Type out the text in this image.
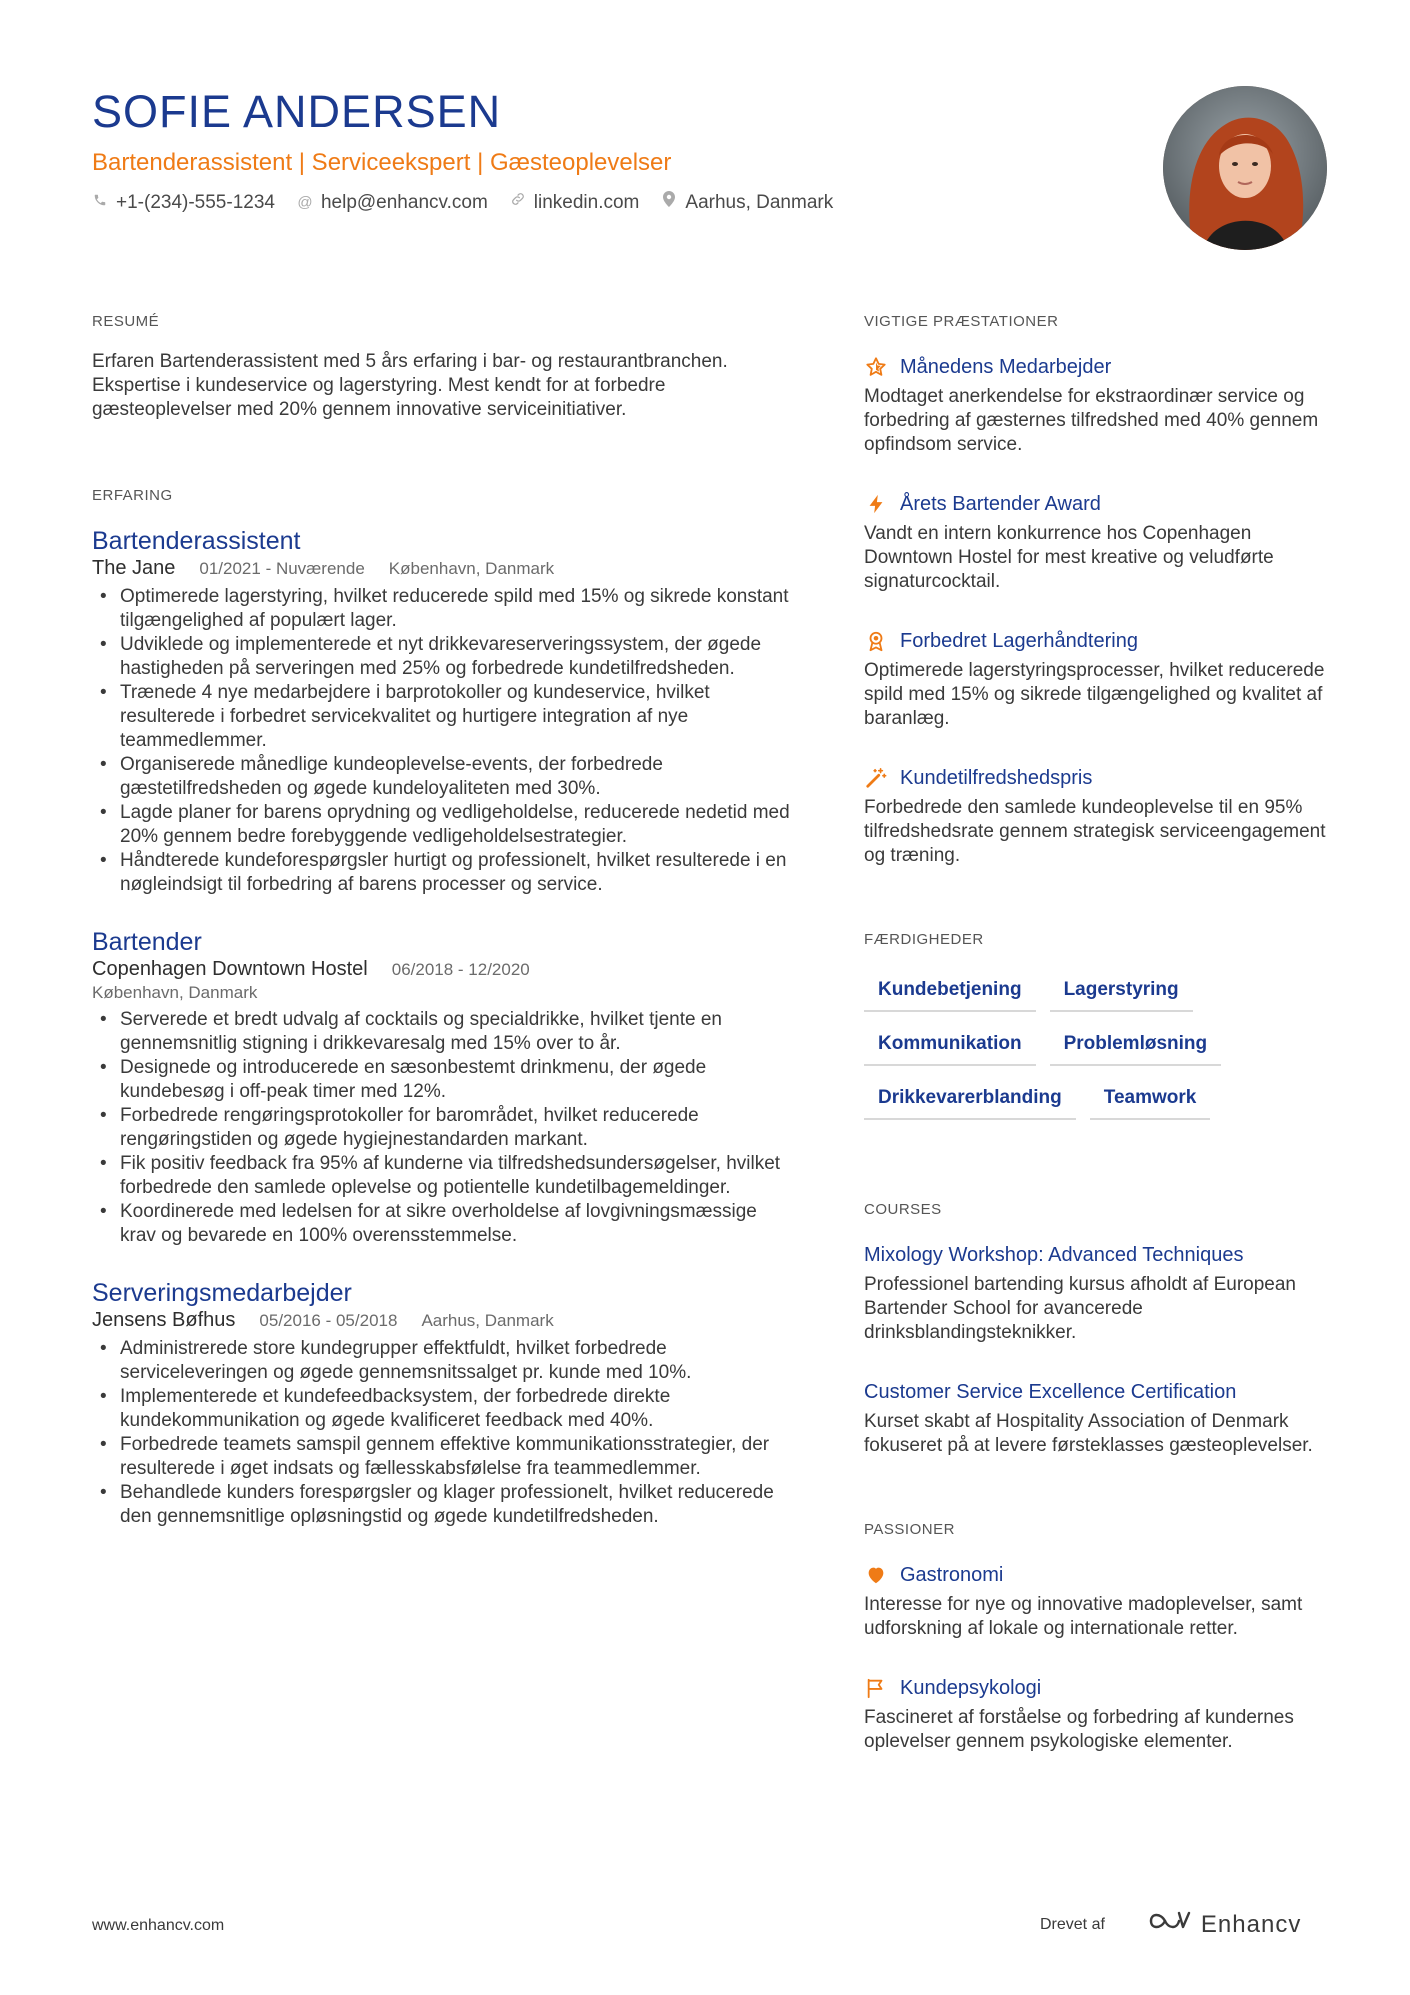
SOFIE ANDERSEN
Bartenderassistent | Serviceekspert | Gæsteoplevelser
+1-(234)-555-1234 @ help@enhancv.com linkedin.com Aarhus, Danmark
RESUMÉ
Erfaren Bartenderassistent med 5 års erfaring i bar- og restaurantbranchen. Ekspertise i kundeservice og lagerstyring. Mest kendt for at forbedre gæsteoplevelser med 20% gennem innovative serviceinitiativer.
ERFARING
Bartenderassistent
The Jane 01/2021 - Nuværende København, Danmark
• Optimerede lagerstyring, hvilket reducerede spild med 15% og sikrede konstant tilgængelighed af populært lager.
• Udviklede og implementerede et nyt drikkevareserveringssystem, der øgede hastigheden på serveringen med 25% og forbedrede kundetilfredsheden.
• Trænede 4 nye medarbejdere i barprotokoller og kundeservice, hvilket resulterede i forbedret servicekvalitet og hurtigere integration af nye teammedlemmer.
• Organiserede månedlige kundeoplevelse-events, der forbedrede gæstetilfredsheden og øgede kundeloyaliteten med 30%.
• Lagde planer for barens oprydning og vedligeholdelse, reducerede nedetid med 20% gennem bedre forebyggende vedligeholdelsestrategier.
• Håndterede kundeforespørgsler hurtigt og professionelt, hvilket resulterede i en nøgleindsigt til forbedring af barens processer og service.
Bartender
Copenhagen Downtown Hostel 06/2018 - 12/2020
København, Danmark
• Serverede et bredt udvalg af cocktails og specialdrikke, hvilket tjente en gennemsnitlig stigning i drikkevaresalg med 15% over to år.
• Designede og introducerede en sæsonbestemt drinkmenu, der øgede kundebesøg i off-peak timer med 12%.
• Forbedrede rengøringsprotokoller for barområdet, hvilket reducerede rengøringstiden og øgede hygiejnestandarden markant.
• Fik positiv feedback fra 95% af kunderne via tilfredshedsundersøgelser, hvilket forbedrede den samlede oplevelse og potientelle kundetilbagemeldinger.
• Koordinerede med ledelsen for at sikre overholdelse af lovgivningsmæssige krav og bevarede en 100% overensstemmelse.
Serveringsmedarbejder
Jensens Bøfhus 05/2016 - 05/2018 Aarhus, Danmark
• Administrerede store kundegrupper effektfuldt, hvilket forbedrede serviceleveringen og øgede gennemsnitssalget pr. kunde med 10%.
• Implementerede et kundefeedbacksystem, der forbedrede direkte kundekommunikation og øgede kvalificeret feedback med 40%.
• Forbedrede teamets samspil gennem effektive kommunikationsstrategier, der resulterede i øget indsats og fællesskabsfølelse fra teammedlemmer.
• Behandlede kunders forespørgsler og klager professionelt, hvilket reducerede den gennemsnitlige opløsningstid og øgede kundetilfredsheden.
VIGTIGE PRÆSTATIONER
Månedens Medarbejder
Modtaget anerkendelse for ekstraordinær service og forbedring af gæsternes tilfredshed med 40% gennem opfindsom service.
Årets Bartender Award
Vandt en intern konkurrence hos Copenhagen Downtown Hostel for mest kreative og veludførte signaturcocktail.
Forbedret Lagerhåndtering
Optimerede lagerstyringsprocesser, hvilket reducerede spild med 15% og sikrede tilgængelighed og kvalitet af baranlæg.
Kundetilfredshedspris
Forbedrede den samlede kundeoplevelse til en 95% tilfredshedsrate gennem strategisk serviceengagement og træning.
FÆRDIGHEDER
Kundebetjening	Lagerstyring
Kommunikation	Problemløsning
Drikkevarerblanding	Teamwork
COURSES
Mixology Workshop: Advanced Techniques
Professionel bartending kursus afholdt af European Bartender School for avancerede drinksblandingsteknikker.
Customer Service Excellence Certification
Kurset skabt af Hospitality Association of Denmark fokuseret på at levere førsteklasses gæsteoplevelser.
PASSIONER
Gastronomi
Interesse for nye og innovative madoplevelser, samt udforskning af lokale og internationale retter.
Kundepsykologi
Fascineret af forståelse og forbedring af kundernes oplevelser gennem psykologiske elementer.
www.enhancv.com	Drevet af	Enhancv
